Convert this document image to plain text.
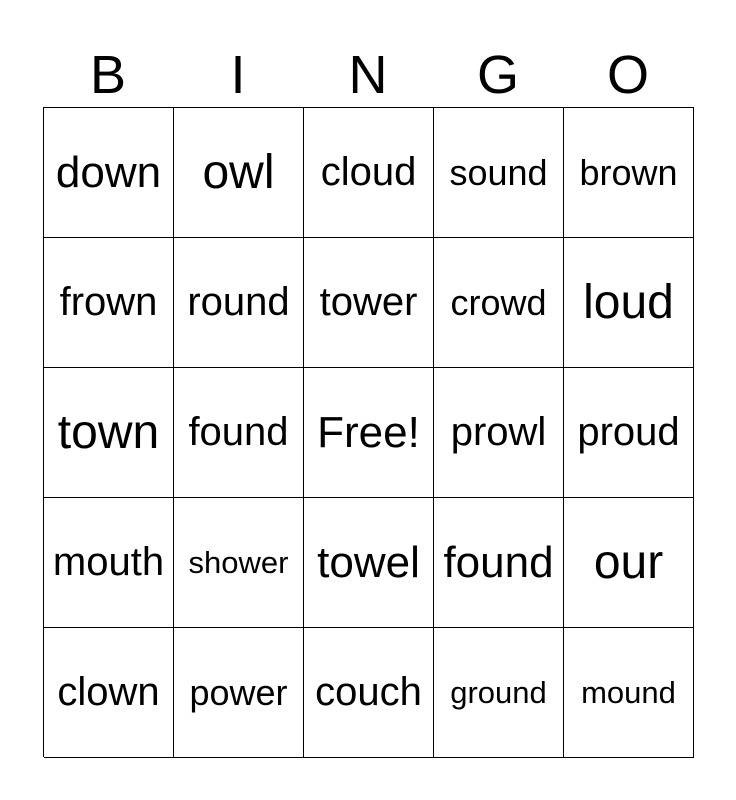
B	I	N	G	O
down owl cloud sound brown
frown round tower crowd loud
town found Free! prowl proud
mouth shower towel found our
clown power couch ground mound
